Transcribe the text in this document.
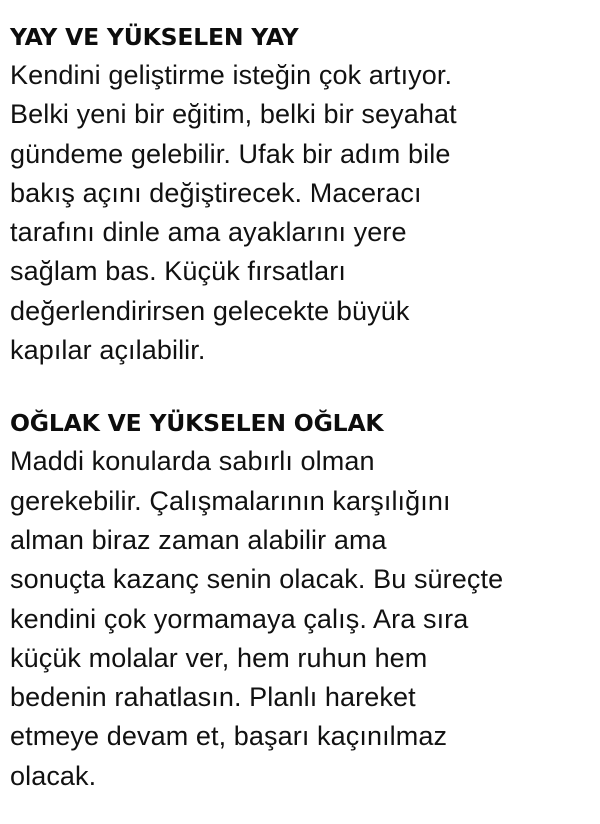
YAY VE YÜKSELEN YAY

Kendini geliştirme isteğin çok artıyor.
Belki yeni bir eğitim, belki bir seyahat
gündeme gelebilir. Ufak bir adım bile
bakış açını değiştirecek. Maceracı
tarafını dinle ama ayaklarını yere
sağlam bas. Küçük fırsatları
değerlendirirsen gelecekte büyük
kapılar açılabilir.

OĞLAK VE YÜKSELEN OĞLAK

Maddi konularda sabırlı olman
gerekebilir. Çalışmalarının karşılığını
alman biraz zaman alabilir ama
sonuçta kazanç senin olacak. Bu süreçte
kendini çok yormamaya çalış. Ara sıra
küçük molalar ver, hem ruhun hem
bedenin rahatlasın. Planlı hareket
etmeye devam et, başarı kaçınılmaz
olacak.
